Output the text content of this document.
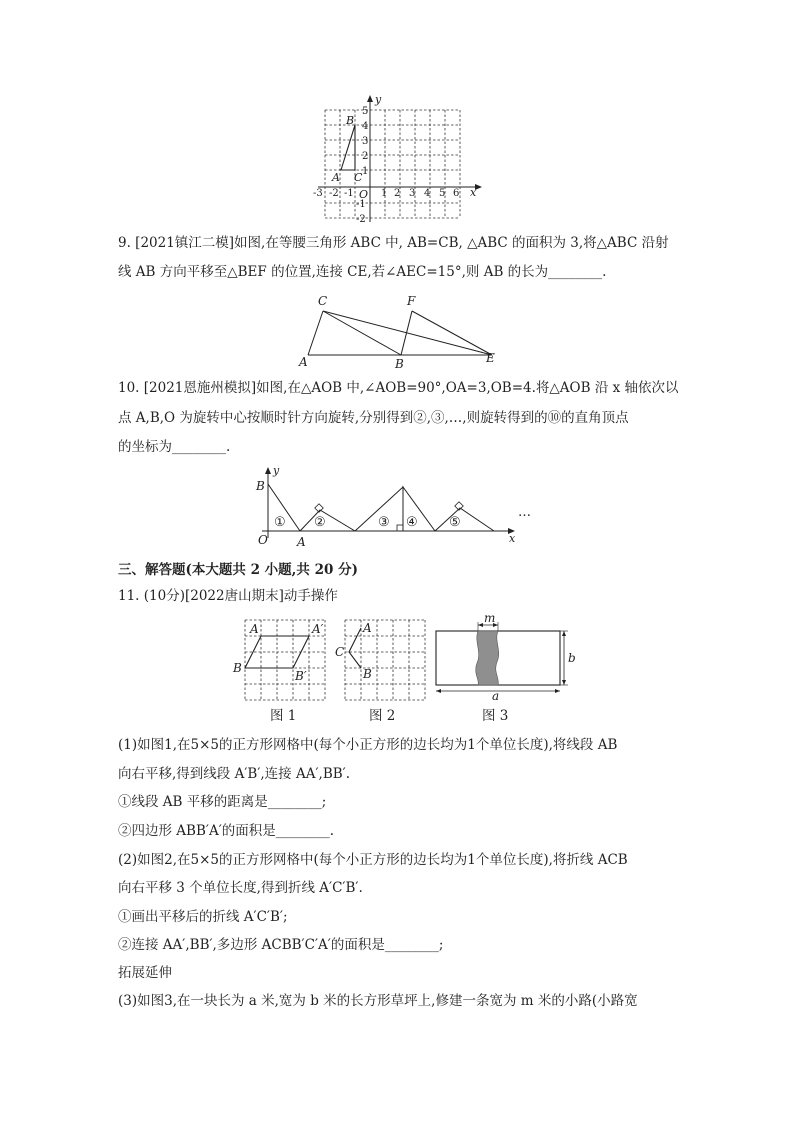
y
x
B
A C
O
-3 -2 -1	1 2 3 4 5 6
5
4
3
2
1
-1
-2
9. [2021镇江二模]如图,在等腰三角形 ABC 中, AB=CB, △ABC 的面积为 3,将△ABC 沿射
线 AB 方向平移至△BEF 的位置,连接 CE,若∠AEC=15°,则 AB 的长为________.
C	F
A	B	E
10. [2021恩施州模拟]如图,在△AOB 中,∠AOB=90°,OA=3,OB=4.将△AOB 沿 x 轴依次以
点 A,B,O 为旋转中心按顺时针方向旋转,分别得到②,③,…,则旋转得到的⑩的直角顶点
的坐标为________.
y
x
B
O A
① ②	③ ④ ⑤
…
三、解答题(本大题共 2 小题,共 20 分)
11. (10分)[2022唐山期末]动手操作
A	A′
B
B′
图 1
C
A
B
图 2
m
b
a
图 3
(1)如图1,在5×5的正方形网格中(每个小正方形的边长均为1个单位长度),将线段 AB
向右平移,得到线段 A′B′,连接 AA′,BB′.
①线段 AB 平移的距离是________;
②四边形 ABB′A′的面积是________.
(2)如图2,在5×5的正方形网格中(每个小正方形的边长均为1个单位长度),将折线 ACB
向右平移 3 个单位长度,得到折线 A′C′B′.
①画出平移后的折线 A′C′B′;
②连接 AA′,BB′,多边形 ACBB′C′A′的面积是________;
拓展延伸
(3)如图3,在一块长为 a 米,宽为 b 米的长方形草坪上,修建一条宽为 m 米的小路(小路宽
